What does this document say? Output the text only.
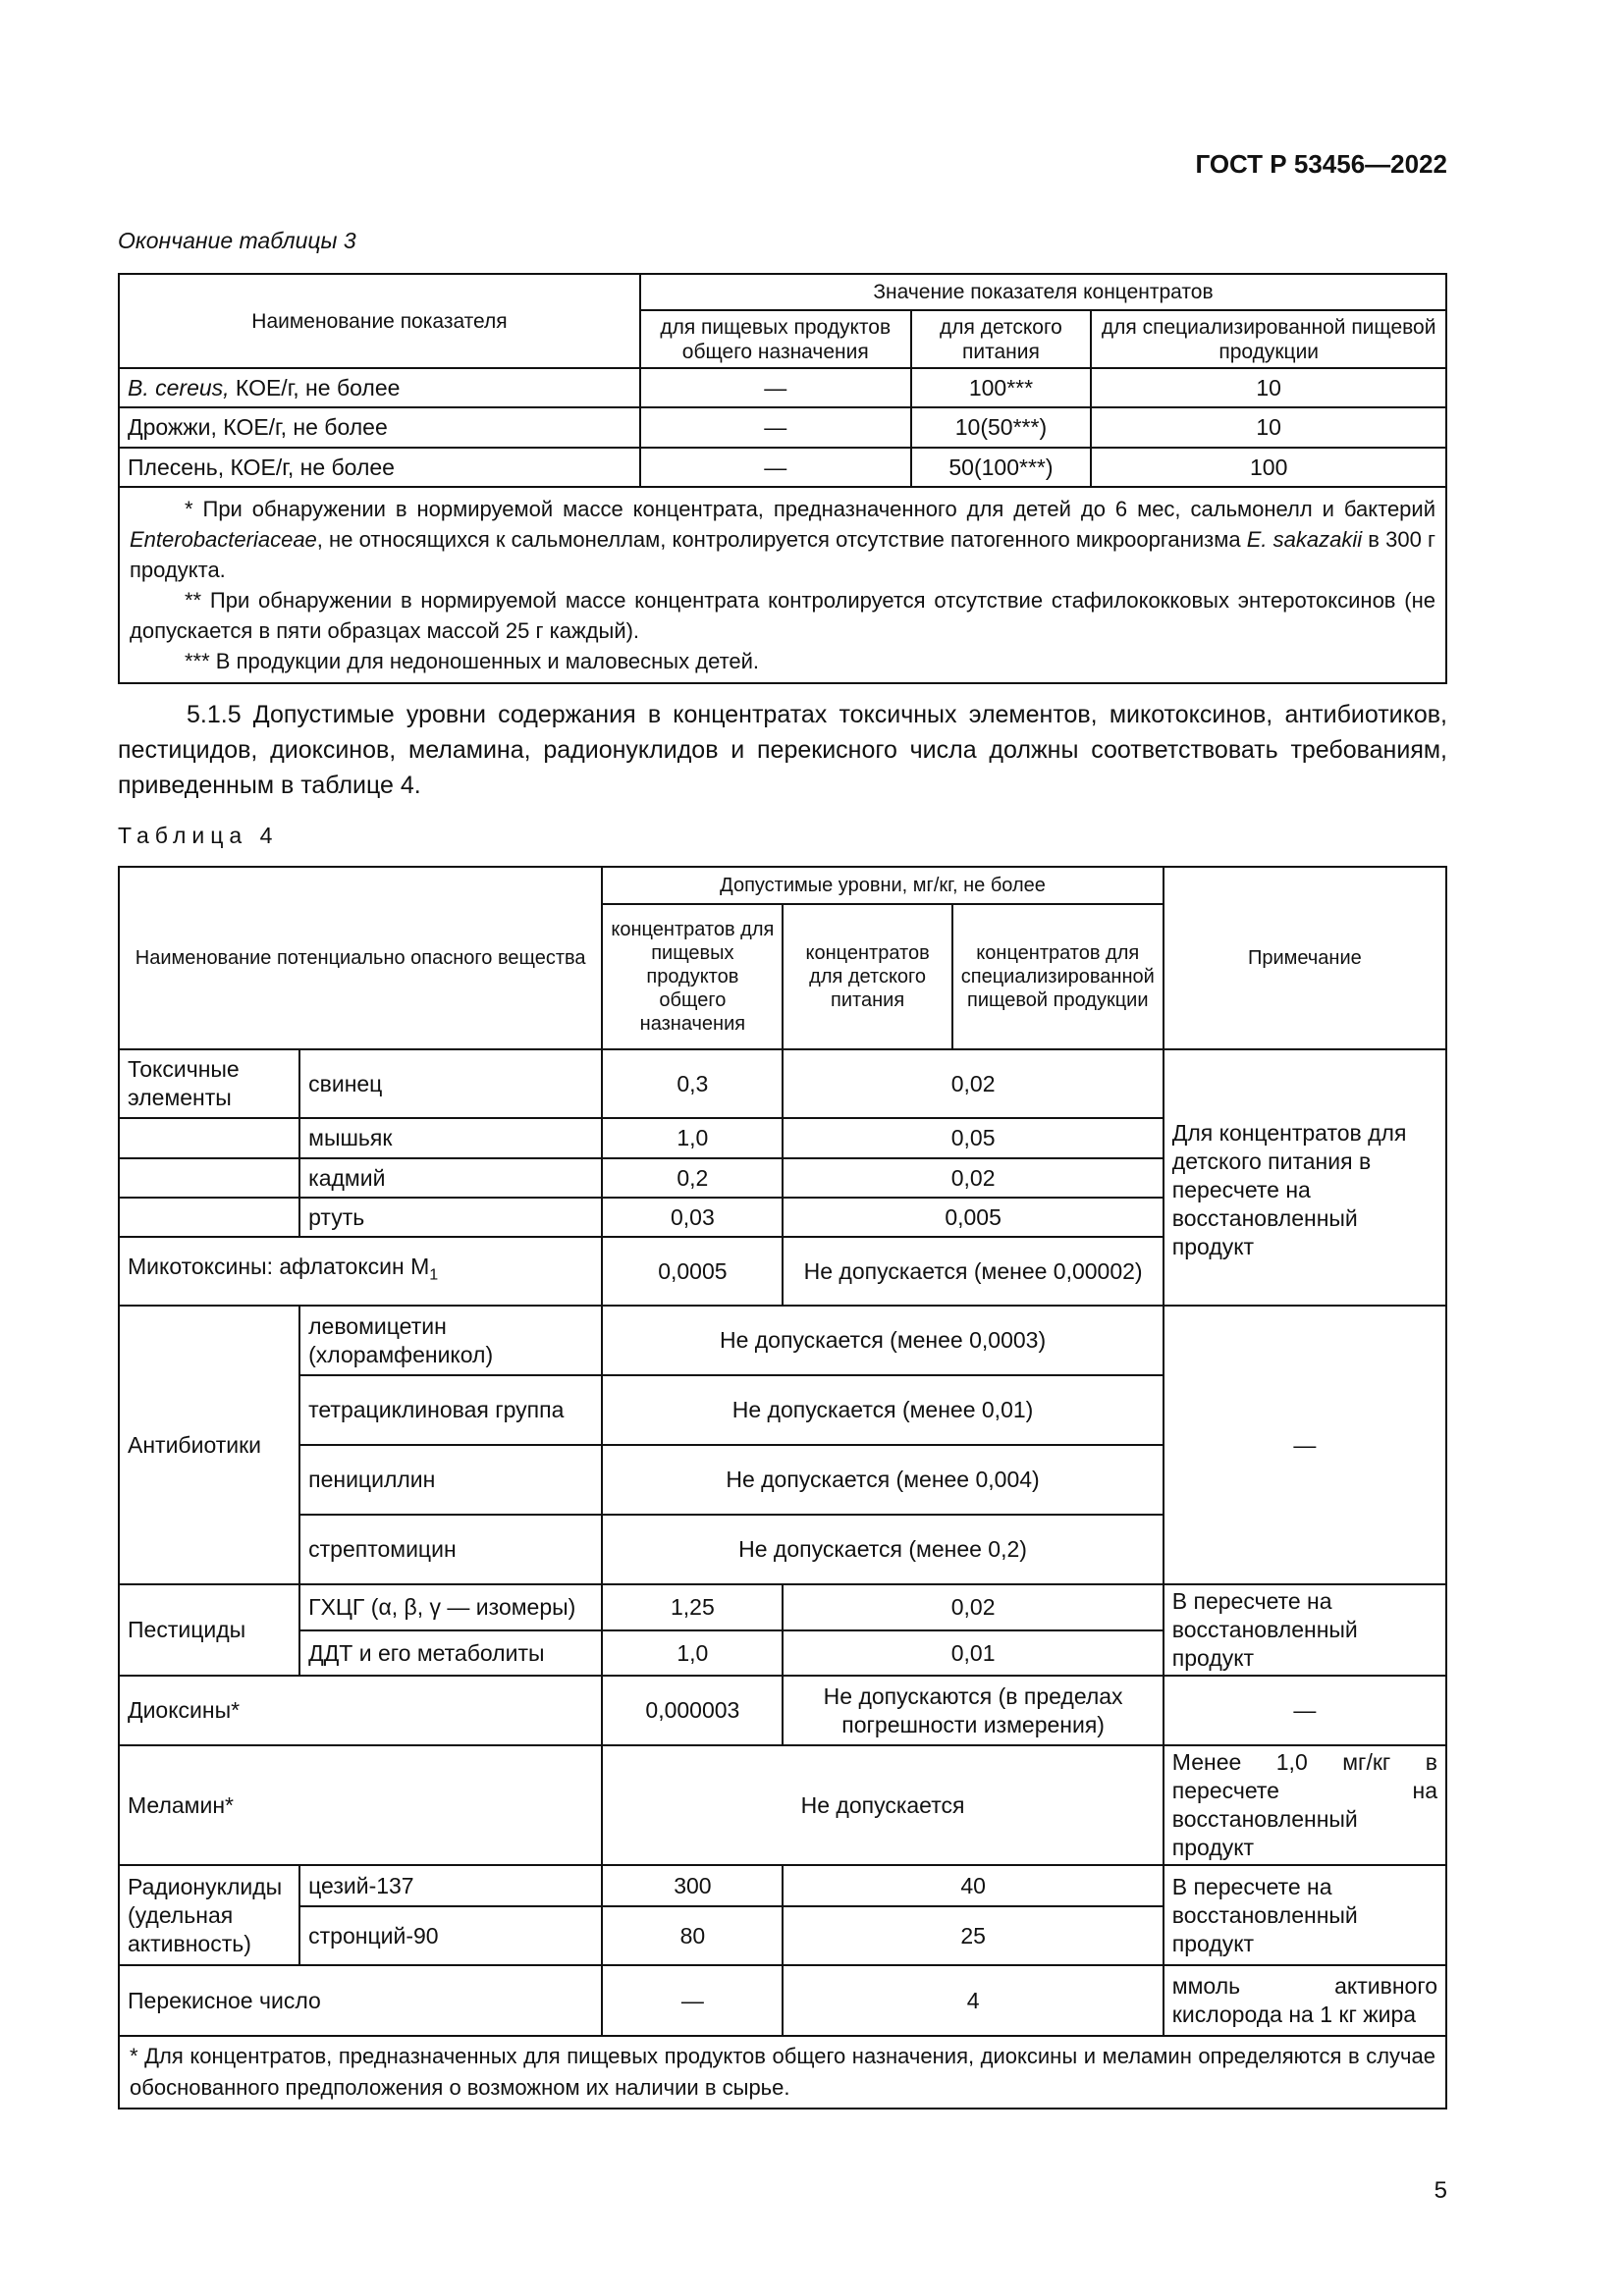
ГОСТ Р 53456—2022
Окончание таблицы 3
Наименование показателя	Значение показателя концентратов		
	для пищевых продуктов общего назначения	для детского питания	для специализированной пищевой продукции
B. cereus, КОЕ/г, не более	—	100***	10
Дрожжи, КОЕ/г, не более	—	10(50***)	10
Плесень, КОЕ/г, не более	—	50(100***)	100

* При обнаружении в нормируемой массе концентрата, предназначенного для детей до 6 мес, сальмонелл и бактерий Enterobacteriaceae, не относящихся к сальмонеллам, контролируется отсутствие патогенного микроорганизма E. sakazakii в 300 г продукта.

** При обнаружении в нормируемой массе концентрата контролируется отсутствие стафилококковых энтеротоксинов (не допускается в пяти образцах массой 25 г каждый).

*** В продукции для недоношенных и маловесных детей.			

5.1.5 Допустимые уровни содержания в концентратах токсичных элементов, микотоксинов, антибиотиков, пестицидов, диоксинов, меламина, радионуклидов и перекисного числа должны соответствовать требованиям, приведенным в таблице 4.

Таблица 4
Наименование потенциально опасного вещества		Допустимые уровни, мг/кг, не более			Примечание
		концентратов для пищевых продуктов общего назначения	концентратов для детского питания	концентратов для специализированной пищевой продукции	
Токсичные элементы	свинец	0,3	0,02		Для концентратов для детского питания в пересчете на восстановленный продукт
	мышьяк	1,0	0,05		
	кадмий	0,2	0,02		
	ртуть	0,03	0,005		
Микотоксины: афлатоксин $M_1$		0,0005	Не допускается (менее 0,00002)		
Антибиотики	левомицетин (хлорамфеникол)	Не допускается (менее 0,0003)			—
	тетрациклиновая группа	Не допускается (менее 0,01)			
	пенициллин	Не допускается (менее 0,004)			
	стрептомицин	Не допускается (менее 0,2)			
Пестициды	ГХЦГ (α, β, γ — изомеры)	1,25	0,02		В пересчете на восстановленный продукт
	ДДТ и его метаболиты	1,0	0,01		
Диоксины*		0,000003	Не допускаются (в пределах погрешности измерения)		—
Меламин*		Не допускается			Менее 1,0 мг/кг в пересчете на восстановленный продукт
Радионуклиды (удельная активность)	цезий-137	300	40		В пересчете на восстановленный продукт
	стронций-90	80	25		
Перекисное число		—	4		ммоль активного кислорода на 1 кг жира
* Для концентратов, предназначенных для пищевых продуктов общего назначения, диоксины и меламин определяются в случае обоснованного предположения о возможном их наличии в сырье.					
5
